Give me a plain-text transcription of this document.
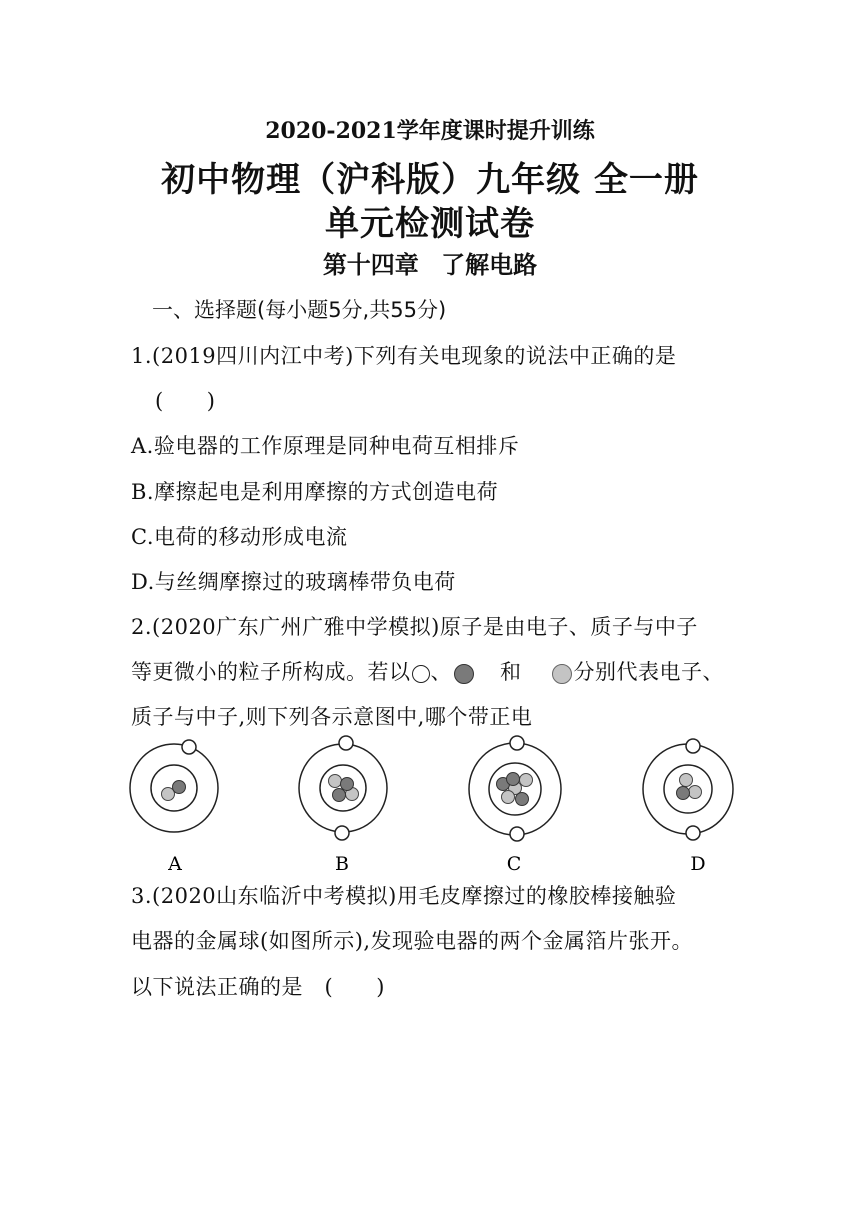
2020-2021学年度课时提升训练
初中物理（沪科版）九年级 全一册
单元检测试卷
第十四章 了解电路
一、选择题(每小题5分,共55分)
1.(2019四川内江中考)下列有关电现象的说法中正确的是
(　　)
A.验电器的工作原理是同种电荷互相排斥
B.摩擦起电是利用摩擦的方式创造电荷
C.电荷的移动形成电流
D.与丝绸摩擦过的玻璃棒带负电荷
2.(2020广东广州广雅中学模拟)原子是由电子、质子与中子
等更微小的粒子所构成。若以 、 和 分别代表电子、
质子与中子,则下列各示意图中,哪个带正电
A	B	C	D
3.(2020山东临沂中考模拟)用毛皮摩擦过的橡胶棒接触验
电器的金属球(如图所示),发现验电器的两个金属箔片张开。
以下说法正确的是　(　　)
